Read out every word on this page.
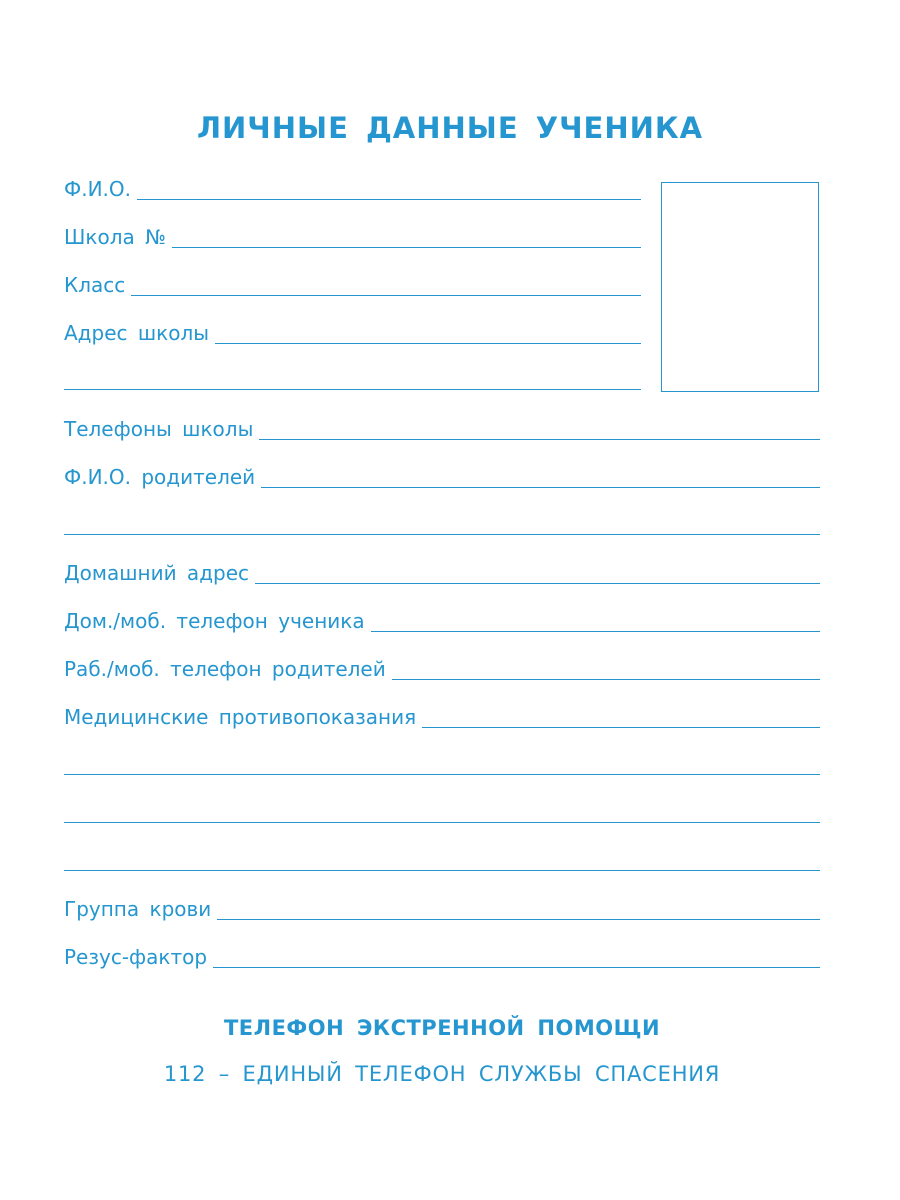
ЛИЧНЫЕ ДАННЫЕ УЧЕНИКА
Ф.И.О.
Школа №
Класс
Адрес школы
Телефоны школы
Ф.И.О. родителей
Домашний адрес
Дом./моб. телефон ученика
Раб./моб. телефон родителей
Медицинские противопоказания
Группа крови
Резус-фактор
ТЕЛЕФОН ЭКСТРЕННОЙ ПОМОЩИ
112 – ЕДИНЫЙ ТЕЛЕФОН СЛУЖБЫ СПАСЕНИЯ
